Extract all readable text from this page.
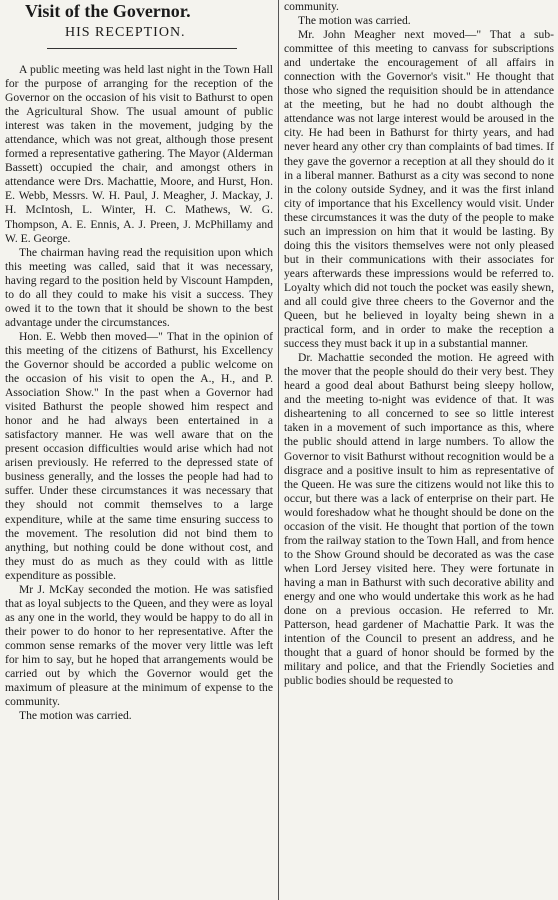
Visit of the Governor.
HIS RECEPTION.

A public meeting was held last night in the Town Hall for the purpose of arranging for the reception of the Governor on the occasion of his visit to Bathurst to open the Agricultural Show. The usual amount of public interest was taken in the movement, judging by the attendance, which was not great, although those present formed a representative gathering. The Mayor (Alderman Bassett) occupied the chair, and amongst others in attendance were Drs. Machattie, Moore, and Hurst, Hon. E. Webb, Messrs. W. H. Paul, J. Meagher, J. Mackay, J. H. McIntosh, L. Winter, H. C. Mathews, W. G. Thompson, A. E. Ennis, A. J. Preen, J. McPhillamy and W. E. George.

The chairman having read the requisition upon which this meeting was called, said that it was necessary, having regard to the position held by Viscount Hampden, to do all they could to make his visit a success. They owed it to the town that it should be shown to the best advantage under the circumstances.

Hon. E. Webb then moved—" That in the opinion of this meeting of the citizens of Bathurst, his Excellency the Governor should be accorded a public welcome on the occasion of his visit to open the A., H., and P. Association Show." In the past when a Governor had visited Bathurst the people showed him respect and honor and he had always been entertained in a satisfactory manner. He was well aware that on the present occasion difficulties would arise which had not arisen previously. He referred to the depressed state of business generally, and the losses the people had had to suffer. Under these circumstances it was necessary that they should not commit themselves to a large expenditure, while at the same time ensuring success to the movement. The resolution did not bind them to anything, but nothing could be done without cost, and they must do as much as they could with as little expenditure as possible.

Mr J. McKay seconded the motion. He was satisfied that as loyal subjects to the Queen, and they were as loyal as any one in the world, they would be happy to do all in their power to do honor to her representative. After the common sense remarks of the mover very little was left for him to say, but he hoped that arrangements would be carried out by which the Governor would get the maximum of pleasure at the minimum of expense to the community.

The motion was carried.

community.

The motion was carried.

Mr. John Meagher next moved—" That a sub-committee of this meeting to canvass for subscriptions and undertake the encouragement of all affairs in connection with the Governor's visit." He thought that those who signed the requisition should be in attendance at the meeting, but he had no doubt although the attendance was not large interest would be aroused in the city. He had been in Bathurst for thirty years, and had never heard any other cry than complaints of bad times. If they gave the governor a reception at all they should do it in a liberal manner. Bathurst as a city was second to none in the colony outside Sydney, and it was the first inland city of importance that his Excellency would visit. Under these circumstances it was the duty of the people to make such an impression on him that it would be lasting. By doing this the visitors themselves were not only pleased but in their communications with their associates for years afterwards these impressions would be referred to. Loyalty which did not touch the pocket was easily shewn, and all could give three cheers to the Governor and the Queen, but he believed in loyalty being shewn in a practical form, and in order to make the reception a success they must back it up in a substantial manner.

Dr. Machattie seconded the motion. He agreed with the mover that the people should do their very best. They heard a good deal about Bathurst being sleepy hollow, and the meeting to-night was evidence of that. It was disheartening to all concerned to see so little interest taken in a movement of such importance as this, where the public should attend in large numbers. To allow the Governor to visit Bathurst without recognition would be a disgrace and a positive insult to him as representative of the Queen. He was sure the citizens would not like this to occur, but there was a lack of enterprise on their part. He would foreshadow what he thought should be done on the occasion of the visit. He thought that portion of the town from the railway station to the Town Hall, and from hence to the Show Ground should be decorated as was the case when Lord Jersey visited here. They were fortunate in having a man in Bathurst with such decorative ability and energy and one who would undertake this work as he had done on a previous occasion. He referred to Mr. Patterson, head gardener of Machattie Park. It was the intention of the Council to present an address, and he thought that a guard of honor should be formed by the military and police, and that the Friendly Societies and public bodies should be requested to
